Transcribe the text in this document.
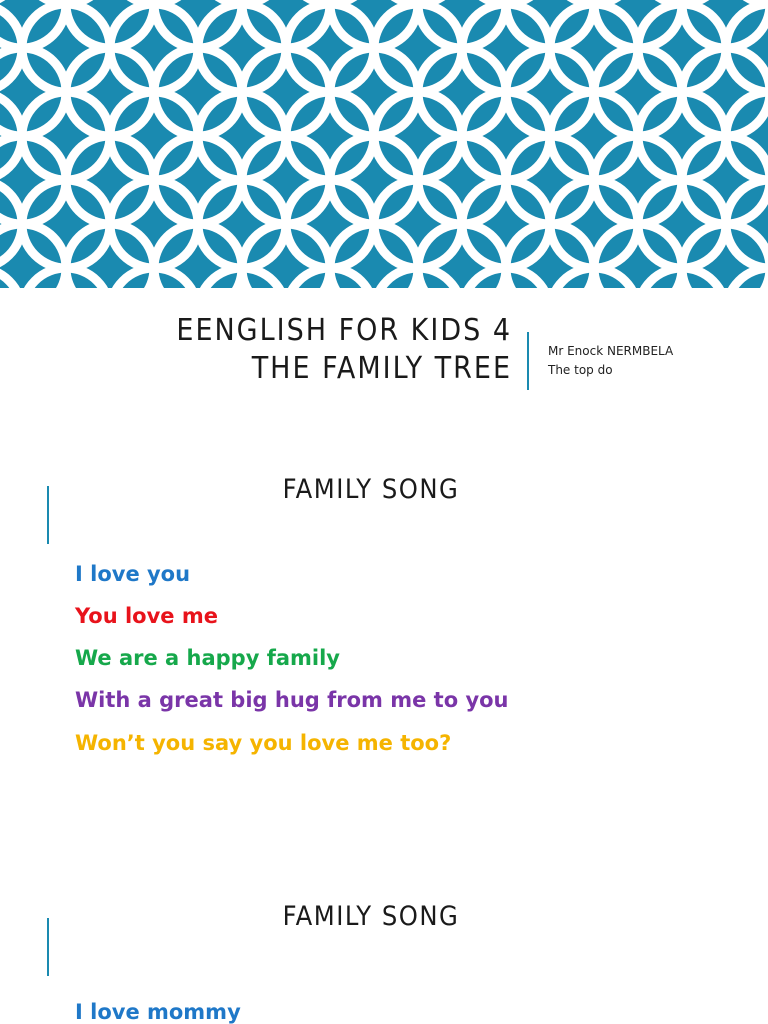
EENGLISH FOR KIDS 4
THE FAMILY TREE	Mr Enock NERMBELA
The top do
FAMILY SONG
I love you
You love me
We are a happy family
With a great big hug from me to you
Won’t you say you love me too?
FAMILY SONG
I love mommy
